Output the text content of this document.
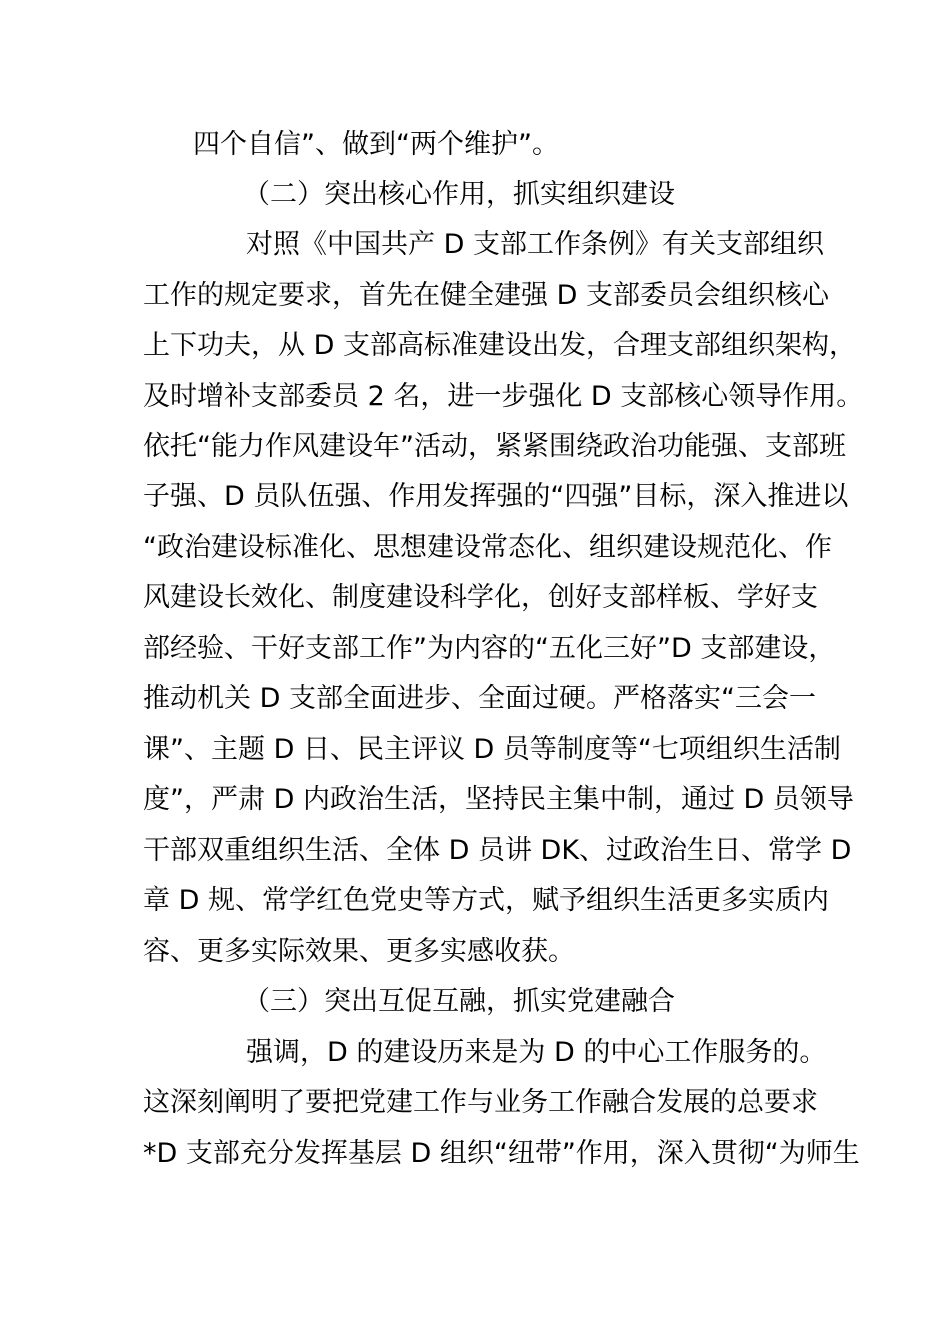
四个自信”、做到“两个维护”。
（二）突出核心作用，抓实组织建设
对照《中国共产 D 支部工作条例》有关支部组织
工作的规定要求，首先在健全建强 D 支部委员会组织核心
上下功夫，从 D 支部高标准建设出发，合理支部组织架构，
及时增补支部委员 2 名，进一步强化 D 支部核心领导作用。
依托“能力作风建设年”活动，紧紧围绕政治功能强、支部班
子强、D 员队伍强、作用发挥强的“四强”目标，深入推进以
“政治建设标准化、思想建设常态化、组织建设规范化、作
风建设长效化、制度建设科学化，创好支部样板、学好支
部经验、干好支部工作”为内容的“五化三好”D 支部建设，
推动机关 D 支部全面进步、全面过硬。严格落实“三会一
课”、主题 D 日、民主评议 D 员等制度等“七项组织生活制
度”，严肃 D 内政治生活，坚持民主集中制，通过 D 员领导
干部双重组织生活、全体 D 员讲 DK、过政治生日、常学 D
章 D 规、常学红色党史等方式，赋予组织生活更多实质内
容、更多实际效果、更多实感收获。
（三）突出互促互融，抓实党建融合
强调，D 的建设历来是为 D 的中心工作服务的。
这深刻阐明了要把党建工作与业务工作融合发展的总要求
*D 支部充分发挥基层 D 组织“纽带”作用，深入贯彻“为师生
